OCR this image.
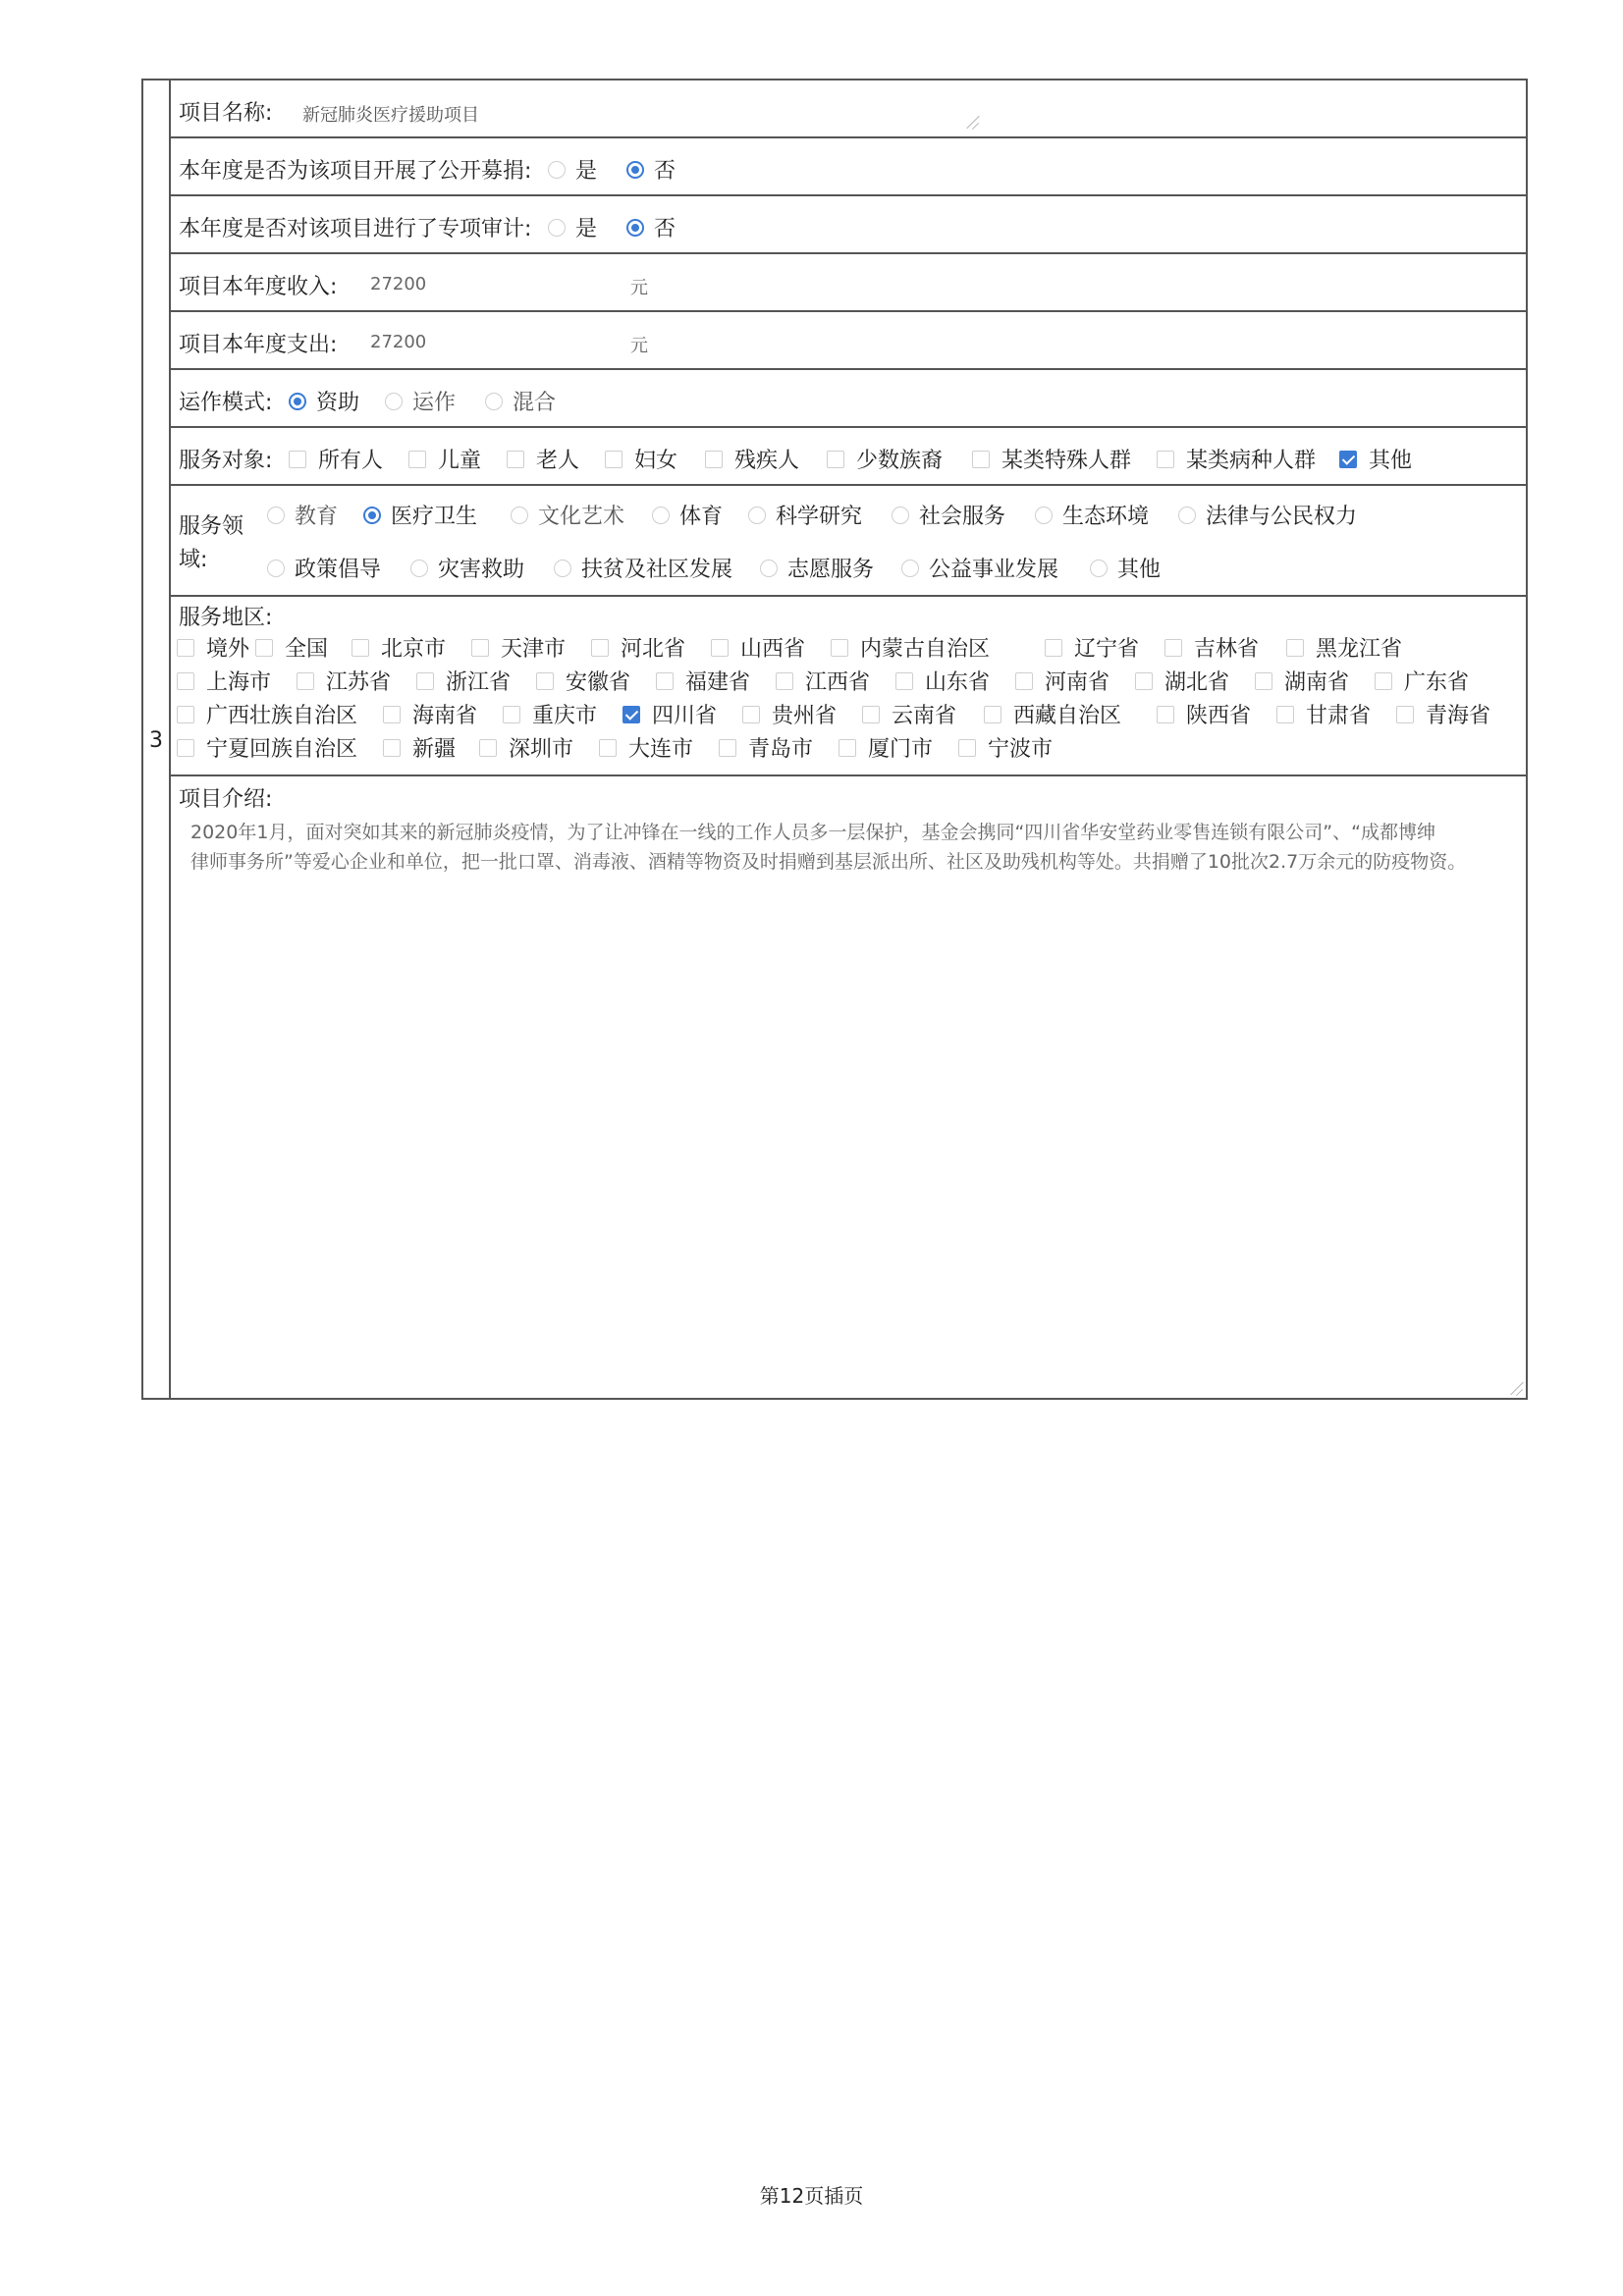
3
项目名称: 新冠肺炎医疗援助项目
本年度是否为该项目开展了公开募捐: 是	否
本年度是否对该项目进行了专项审计: 是	否
项目本年度收入: 27200	元
项目本年度支出: 27200	元
运作模式: 资助 运作	混合
服务对象: 所有人	儿童	老人	妇女	残疾人	少数族裔	某类特殊人群	某类病种人群 其他
服务领
域:
教育 医疗卫生	文化艺术	体育 科学研究	社会服务	生态环境	法律与公民权力
政策倡导	灾害救助	扶贫及社区发展	志愿服务	公益事业发展	其他
服务地区:
境外 全国 北京市	天津市	河北省	山西省	内蒙古自治区	辽宁省	吉林省	黑龙江省
上海市	江苏省	浙江省	安徽省	福建省	江西省	山东省	河南省	湖北省	湖南省	广东省
广西壮族自治区	海南省	重庆市	四川省	贵州省	云南省	西藏自治区	陕西省	甘肃省	青海省
宁夏回族自治区	新疆 深圳市	大连市	青岛市	厦门市	宁波市
项目介绍:
2020年1月，面对突如其来的新冠肺炎疫情，为了让冲锋在一线的工作人员多一层保护，基金会携同“四川省华安堂药业零售连锁有限公司”、“成都博绅
律师事务所”等爱心企业和单位，把一批口罩、消毒液、酒精等物资及时捐赠到基层派出所、社区及助残机构等处。共捐赠了10批次2.7万余元的防疫物资。
第12页插页
